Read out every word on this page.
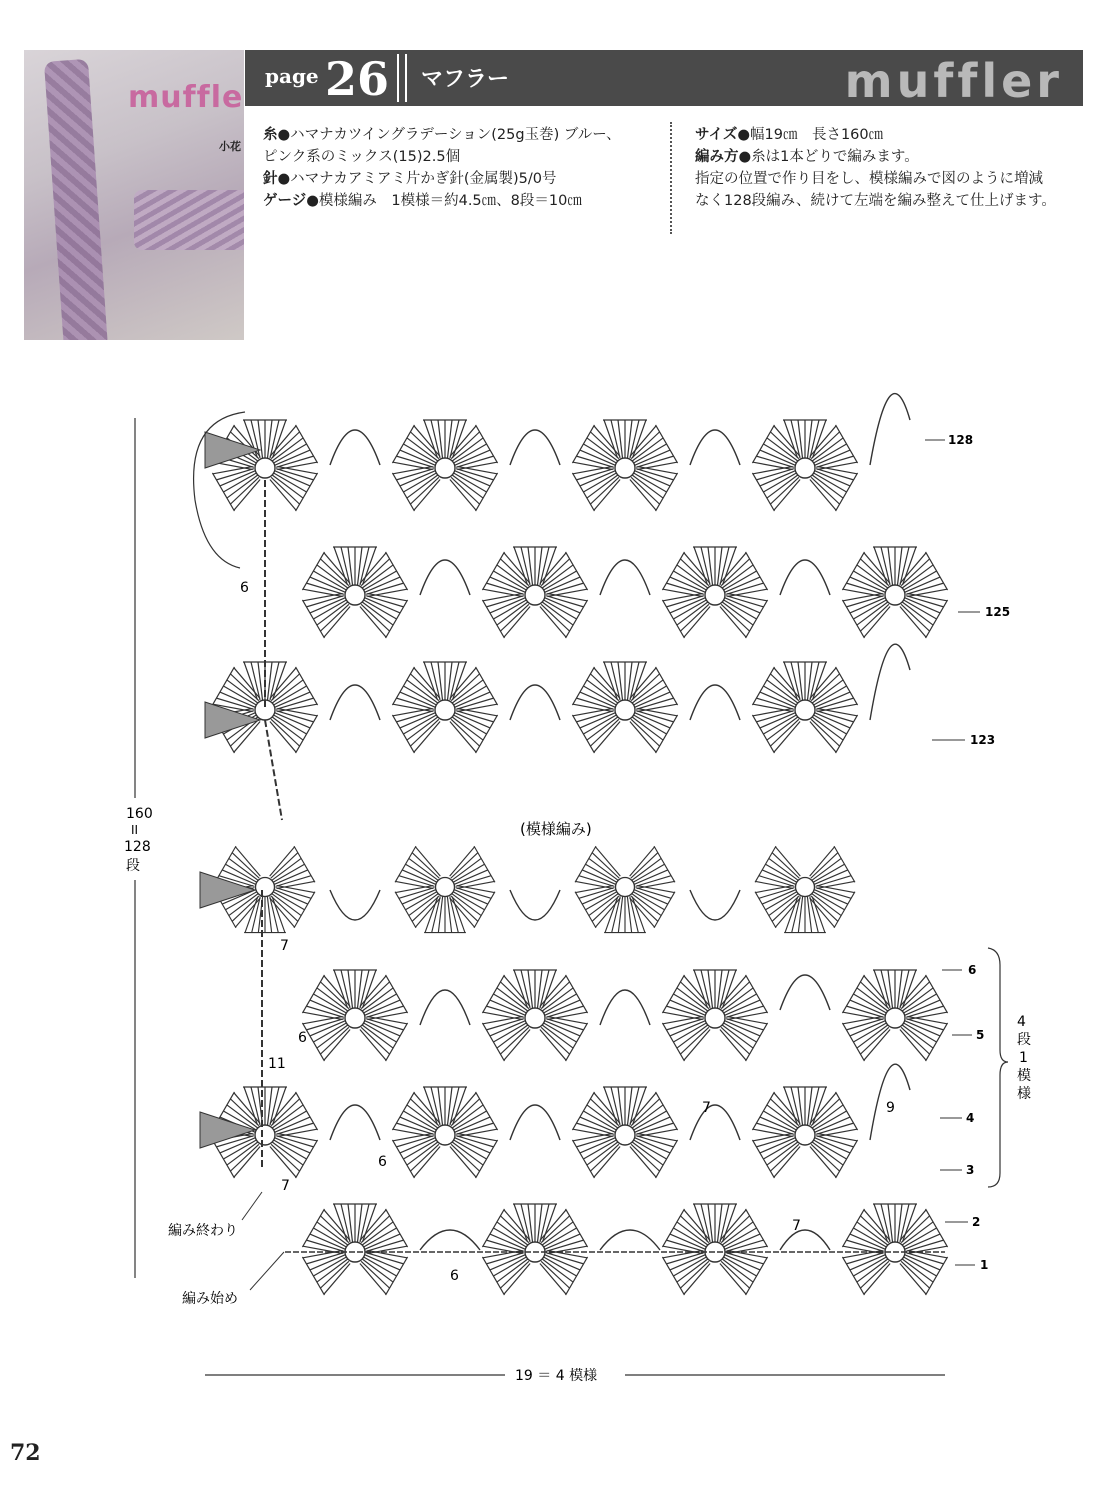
muffle
小花
page 26 マフラー	muffler
糸●ハマナカツイングラデーション(25g玉巻) ブルー、
ピンク系のミックス(15)2.5個
針●ハマナカアミアミ片かぎ針(金属製)5/0号
ゲージ●模様編み　1模様＝約4.5㎝、8段＝10㎝
サイズ●幅19㎝　長さ160㎝
編み方●糸は1本どりで編みます。
指定の位置で作り目をし、模様編みで図のように増減
なく128段編み、続けて左端を編み整えて仕上げます。
160
II
128
段
(模様編み)
128
125
123
6
5
4
3
2
1
4
段
1
模
様
6
7
6
6
7	9
7
6
7
11
編み終わり
編み始め
19 ＝ 4 模様
72
